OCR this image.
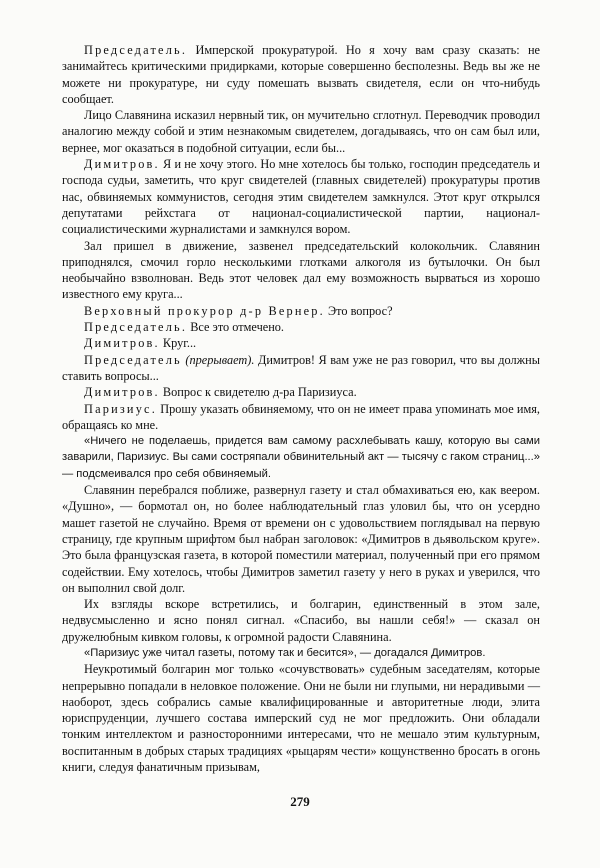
Председатель. Имперской прокуратурой. Но я хочу вам сразу сказать: не занимайтесь критическими придирками, которые совершенно бесполезны. Ведь вы же не можете ни прокуратуре, ни суду помешать вызвать свидетеля, если он что-нибудь сообщает.

Лицо Славянина исказил нервный тик, он мучительно сглотнул. Переводчик проводил аналогию между собой и этим незнакомым свидетелем, догадываясь, что он сам был или, вернее, мог оказаться в подобной ситуации, если бы...

Димитров. Я и не хочу этого. Но мне хотелось бы только, господин председатель и господа судьи, заметить, что круг свидетелей (главных свидетелей) прокуратуры против нас, обвиняемых коммунистов, сегодня этим свидетелем замкнулся. Этот круг открылся депутатами рейхстага от национал-социалистической партии, национал-социалистическими журналистами и замкнулся вором.

Зал пришел в движение, зазвенел председательский колокольчик. Славянин приподнялся, смочил горло несколькими глотками алкоголя из бутылочки. Он был необычайно взволнован. Ведь этот человек дал ему возможность вырваться из хорошо известного ему круга...

Верховный прокурор д-р Вернер. Это вопрос?

Председатель. Все это отмечено.

Димитров. Круг...

Председатель (прерывает). Димитров! Я вам уже не раз говорил, что вы должны ставить вопросы...

Димитров. Вопрос к свидетелю д-ра Паризиуса.

Паризиус. Прошу указать обвиняемому, что он не имеет права упоминать мое имя, обращаясь ко мне.

«Ничего не поделаешь, придется вам самому расхлебывать кашу, которую вы сами заварили, Паризиус. Вы сами состряпали обвинительный акт — тысячу с гаком страниц...» — подсмеивался про себя обвиняемый.

Славянин перебрался поближе, развернул газету и стал обмахиваться ею, как веером. «Душно», — бормотал он, но более наблюдательный глаз уловил бы, что он усердно машет газетой не случайно. Время от времени он с удовольствием поглядывал на первую страницу, где крупным шрифтом был набран заголовок: «Димитров в дьявольском круге». Это была французская газета, в которой поместили материал, полученный при его прямом содействии. Ему хотелось, чтобы Димитров заметил газету у него в руках и уверился, что он выполнил свой долг.

Их взгляды вскоре встретились, и болгарин, единственный в этом зале, недвусмысленно и ясно понял сигнал. «Спасибо, вы нашли себя!» — сказал он дружелюбным кивком головы, к огромной радости Славянина.

«Паризиус уже читал газеты, потому так и бесится», — догадался Димитров.

Неукротимый болгарин мог только «сочувствовать» судебным заседателям, которые непрерывно попадали в неловкое положение. Они не были ни глупыми, ни нерадивыми — наоборот, здесь собрались самые квалифицированные и авторитетные люди, элита юриспруденции, лучшего состава имперский суд не мог предложить. Они обладали тонким интеллектом и разносторонними интересами, что не мешало этим культурным, воспитанным в добрых старых традициях «рыцарям чести» кощунственно бросать в огонь книги, следуя фанатичным призывам,

279
